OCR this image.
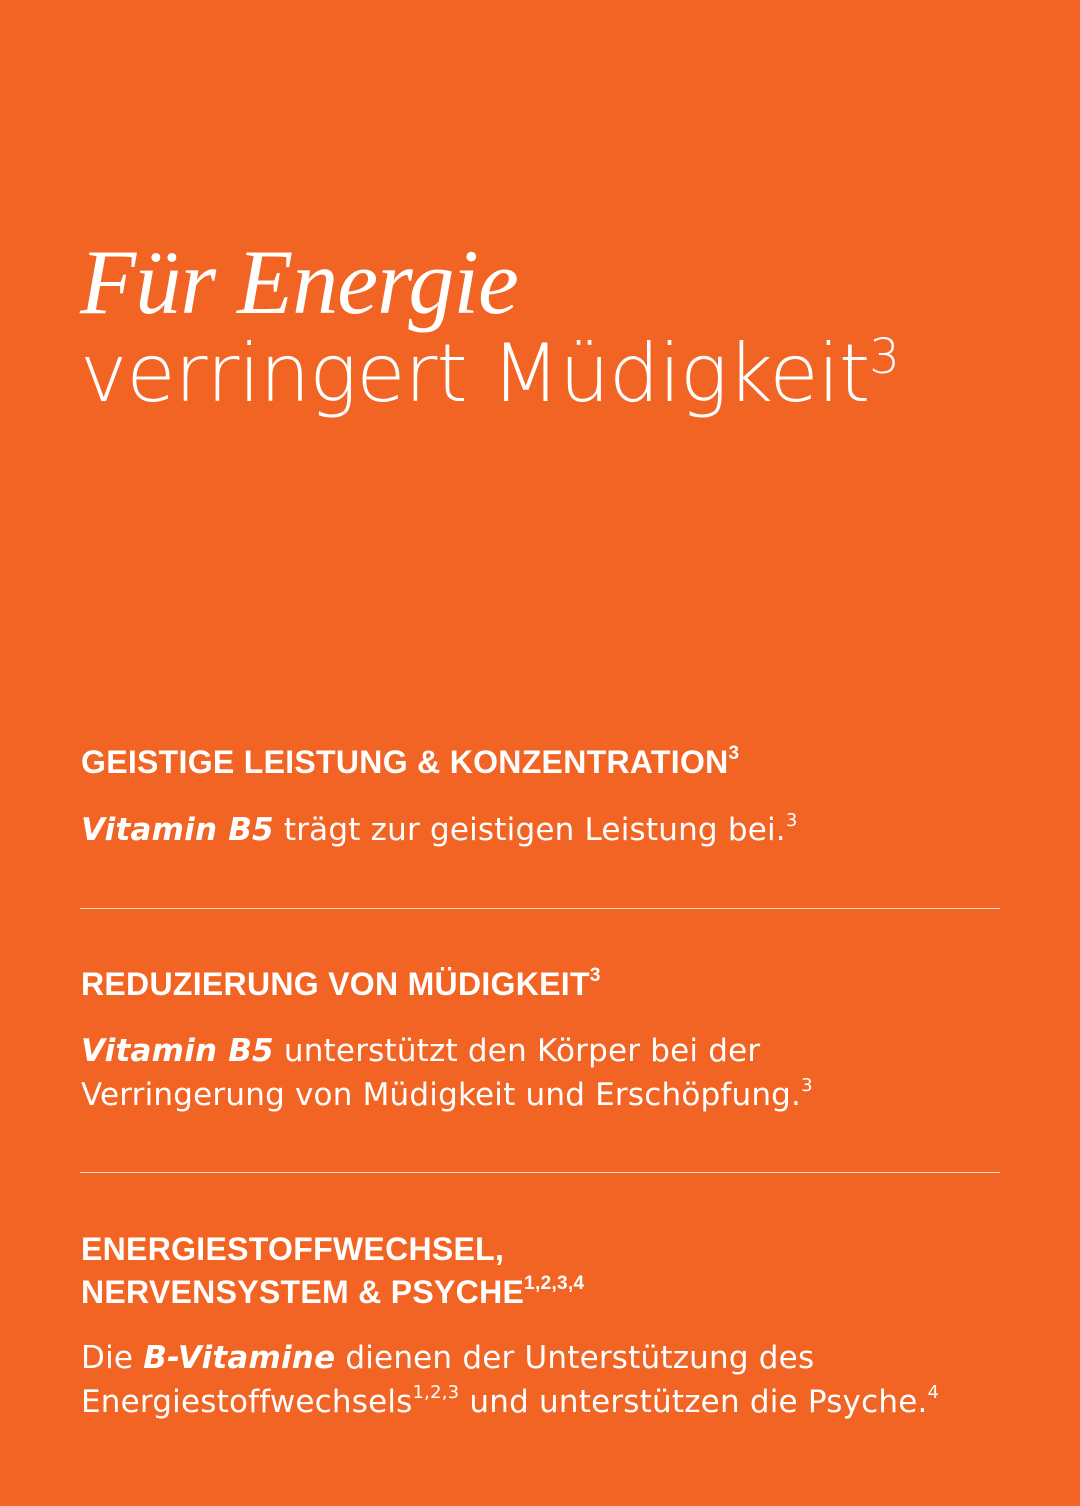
Für Energie
verringert Müdigkeit$^3$

GEISTIGE LEISTUNG & KONZENTRATION$^3$

Vitamin B5 trägt zur geistigen Leistung bei.$^3$

REDUZIERUNG VON MÜDIGKEIT$^3$

Vitamin B5 unterstützt den Körper bei der Verringerung von Müdigkeit und Erschöpfung.$^3$

ENERGIESTOFFWECHSEL,
NERVENSYSTEM & PSYCHE$^{1,2,3,4}$

Die B-Vitamine dienen der Unterstützung des Energiestoffwechsels$^{1,2,3}$ und unterstützen die Psyche.$^4$
